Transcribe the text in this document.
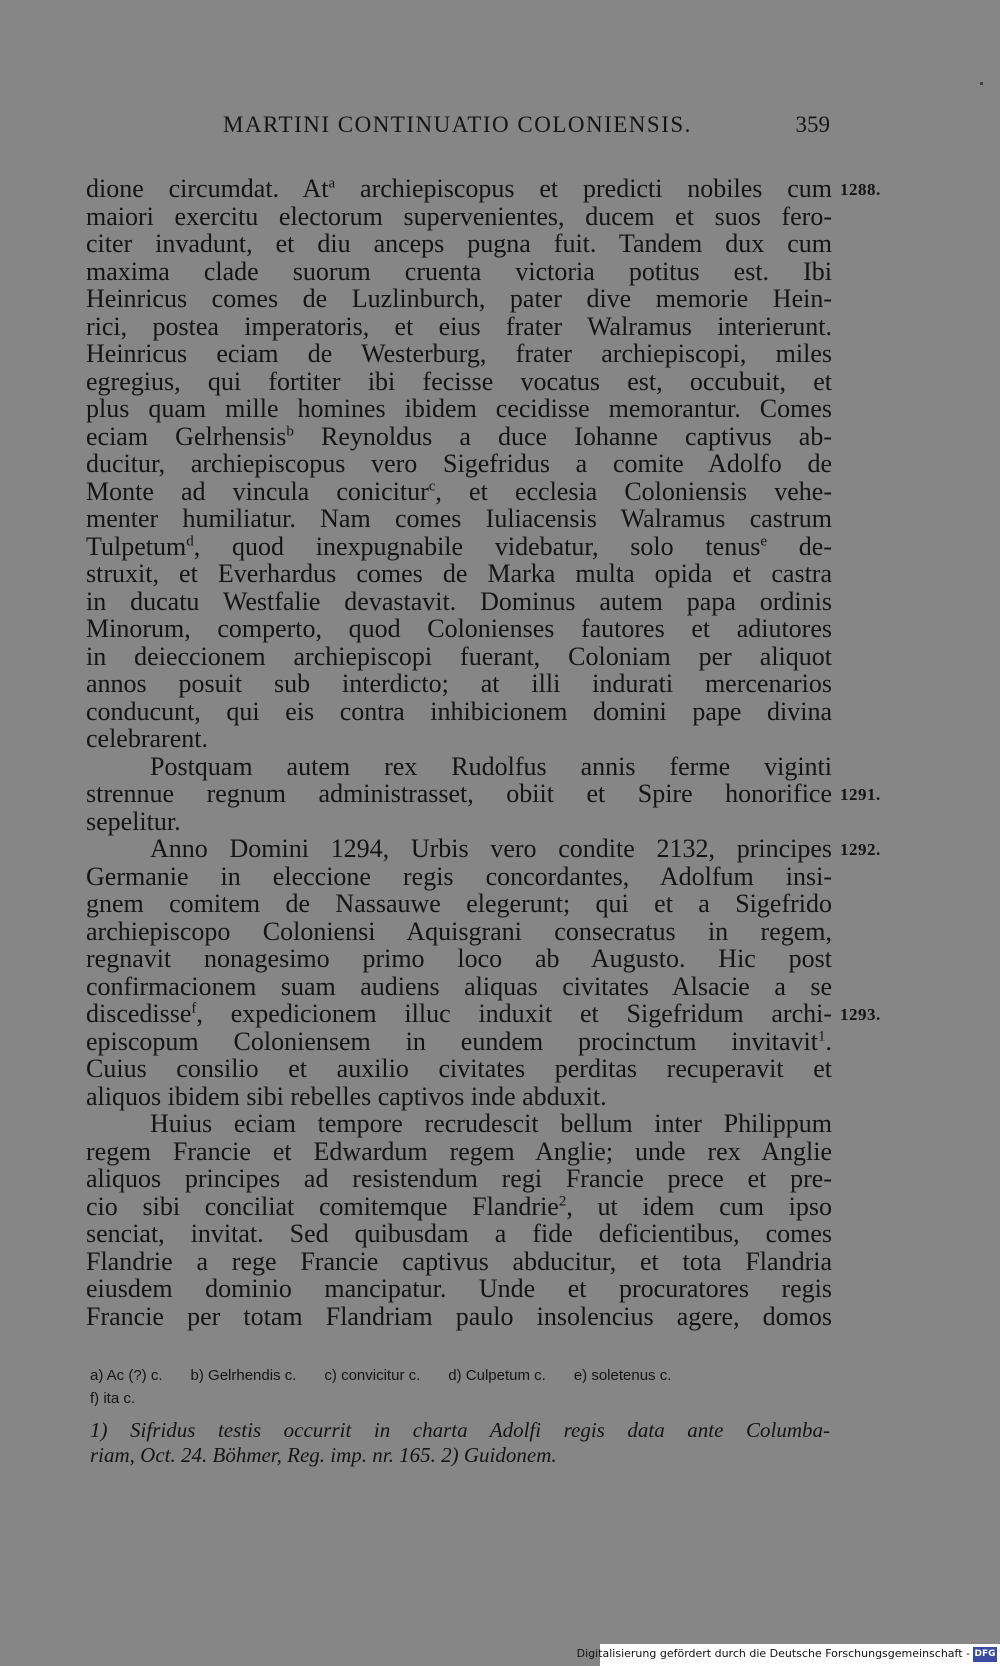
MARTINI CONTINUATIO COLONIENSIS.	359
dione circumdat. At$^a$ archiepiscopus et predicti nobiles cum 1288.
maiori exercitu electorum supervenientes, ducem et suos fero-
citer invadunt, et diu anceps pugna fuit. Tandem dux cum
maxima clade suorum cruenta victoria potitus est. Ibi
Heinricus comes de Luzlinburch, pater dive memorie Hein-
rici, postea imperatoris, et eius frater Walramus interierunt.
Heinricus eciam de Westerburg, frater archiepiscopi, miles
egregius, qui fortiter ibi fecisse vocatus est, occubuit, et
plus quam mille homines ibidem cecidisse memorantur. Comes
eciam Gelrhensis$^b$ Reynoldus a duce Iohanne captivus ab-
ducitur, archiepiscopus vero Sigefridus a comite Adolfo de
Monte ad vincula conicitur$^c$, et ecclesia Coloniensis vehe-
menter humiliatur. Nam comes Iuliacensis Walramus castrum
Tulpetum$^d$, quod inexpugnabile videbatur, solo tenus$^e$ de-
struxit, et Everhardus comes de Marka multa opida et castra
in ducatu Westfalie devastavit. Dominus autem papa ordinis
Minorum, comperto, quod Colonienses fautores et adiutores
in deieccionem archiepiscopi fuerant, Coloniam per aliquot
annos posuit sub interdicto; at illi indurati mercenarios
conducunt, qui eis contra inhibicionem domini pape divina
celebrarent.
Postquam autem rex Rudolfus annis ferme viginti
strennue regnum administrasset, obiit et Spire honorifice 1291.
sepelitur.
Anno Domini 1294, Urbis vero condite 2132, principes 1292.
Germanie in eleccione regis concordantes, Adolfum insi-
gnem comitem de Nassauwe elegerunt; qui et a Sigefrido
archiepiscopo Coloniensi Aquisgrani consecratus in regem,
regnavit nonagesimo primo loco ab Augusto. Hic post
confirmacionem suam audiens aliquas civitates Alsacie a se
discedisse$^f$, expedicionem illuc induxit et Sigefridum archi- 1293.
episcopum Coloniensem in eundem procinctum invitavit$^1$.
Cuius consilio et auxilio civitates perditas recuperavit et
aliquos ibidem sibi rebelles captivos inde abduxit.
Huius eciam tempore recrudescit bellum inter Philippum
regem Francie et Edwardum regem Anglie; unde rex Anglie
aliquos principes ad resistendum regi Francie prece et pre-
cio sibi conciliat comitemque Flandrie$^2$, ut idem cum ipso
senciat, invitat. Sed quibusdam a fide deficientibus, comes
Flandrie a rege Francie captivus abducitur, et tota Flandria
eiusdem dominio mancipatur. Unde et procuratores regis
Francie per totam Flandriam paulo insolencius agere, domos
a) Ac (?) c. b) Gelrhendis c. c) convicitur c. d) Culpetum c. e) soletenus c.
f) ita c.
1) Sifridus testis occurrit in charta Adolfi regis data ante Columba-
riam, Oct. 24. Böhmer, Reg. imp. nr. 165. 2) Guidonem.
Digitalisierung gefördert durch die Deutsche Forschungsgemeinschaft - DFG
